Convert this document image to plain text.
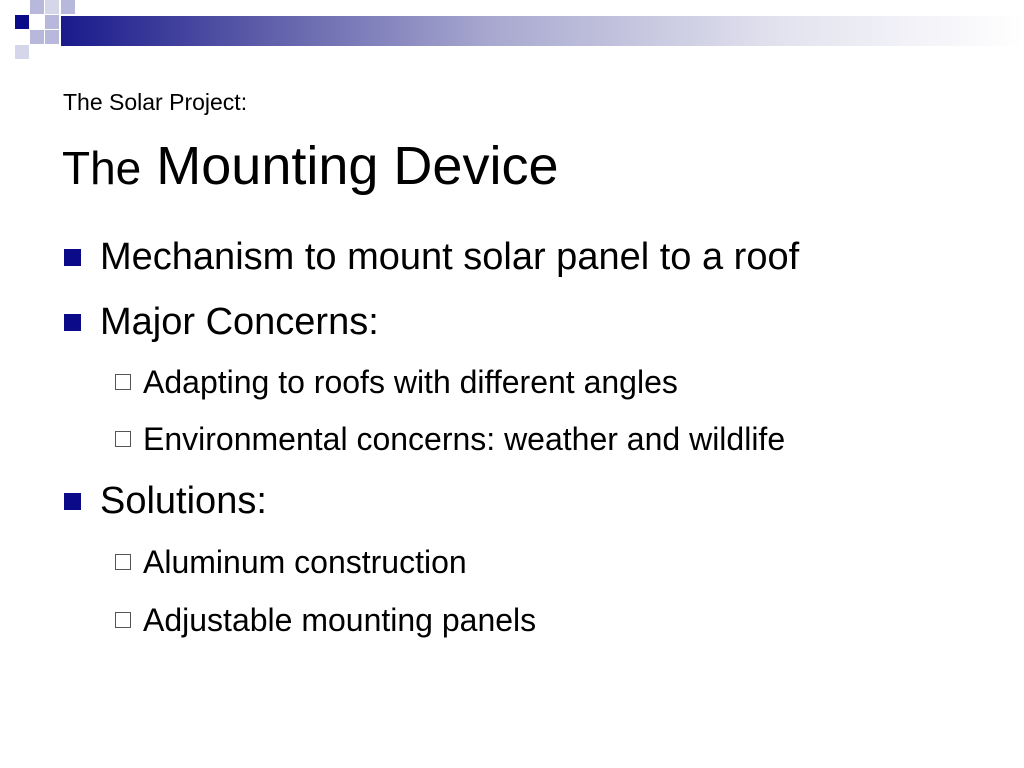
The Solar Project:
The Mounting Device
Mechanism to mount solar panel to a roof
Major Concerns:
Adapting to roofs with different angles
Environmental concerns: weather and wildlife
Solutions:
Aluminum construction
Adjustable mounting panels
